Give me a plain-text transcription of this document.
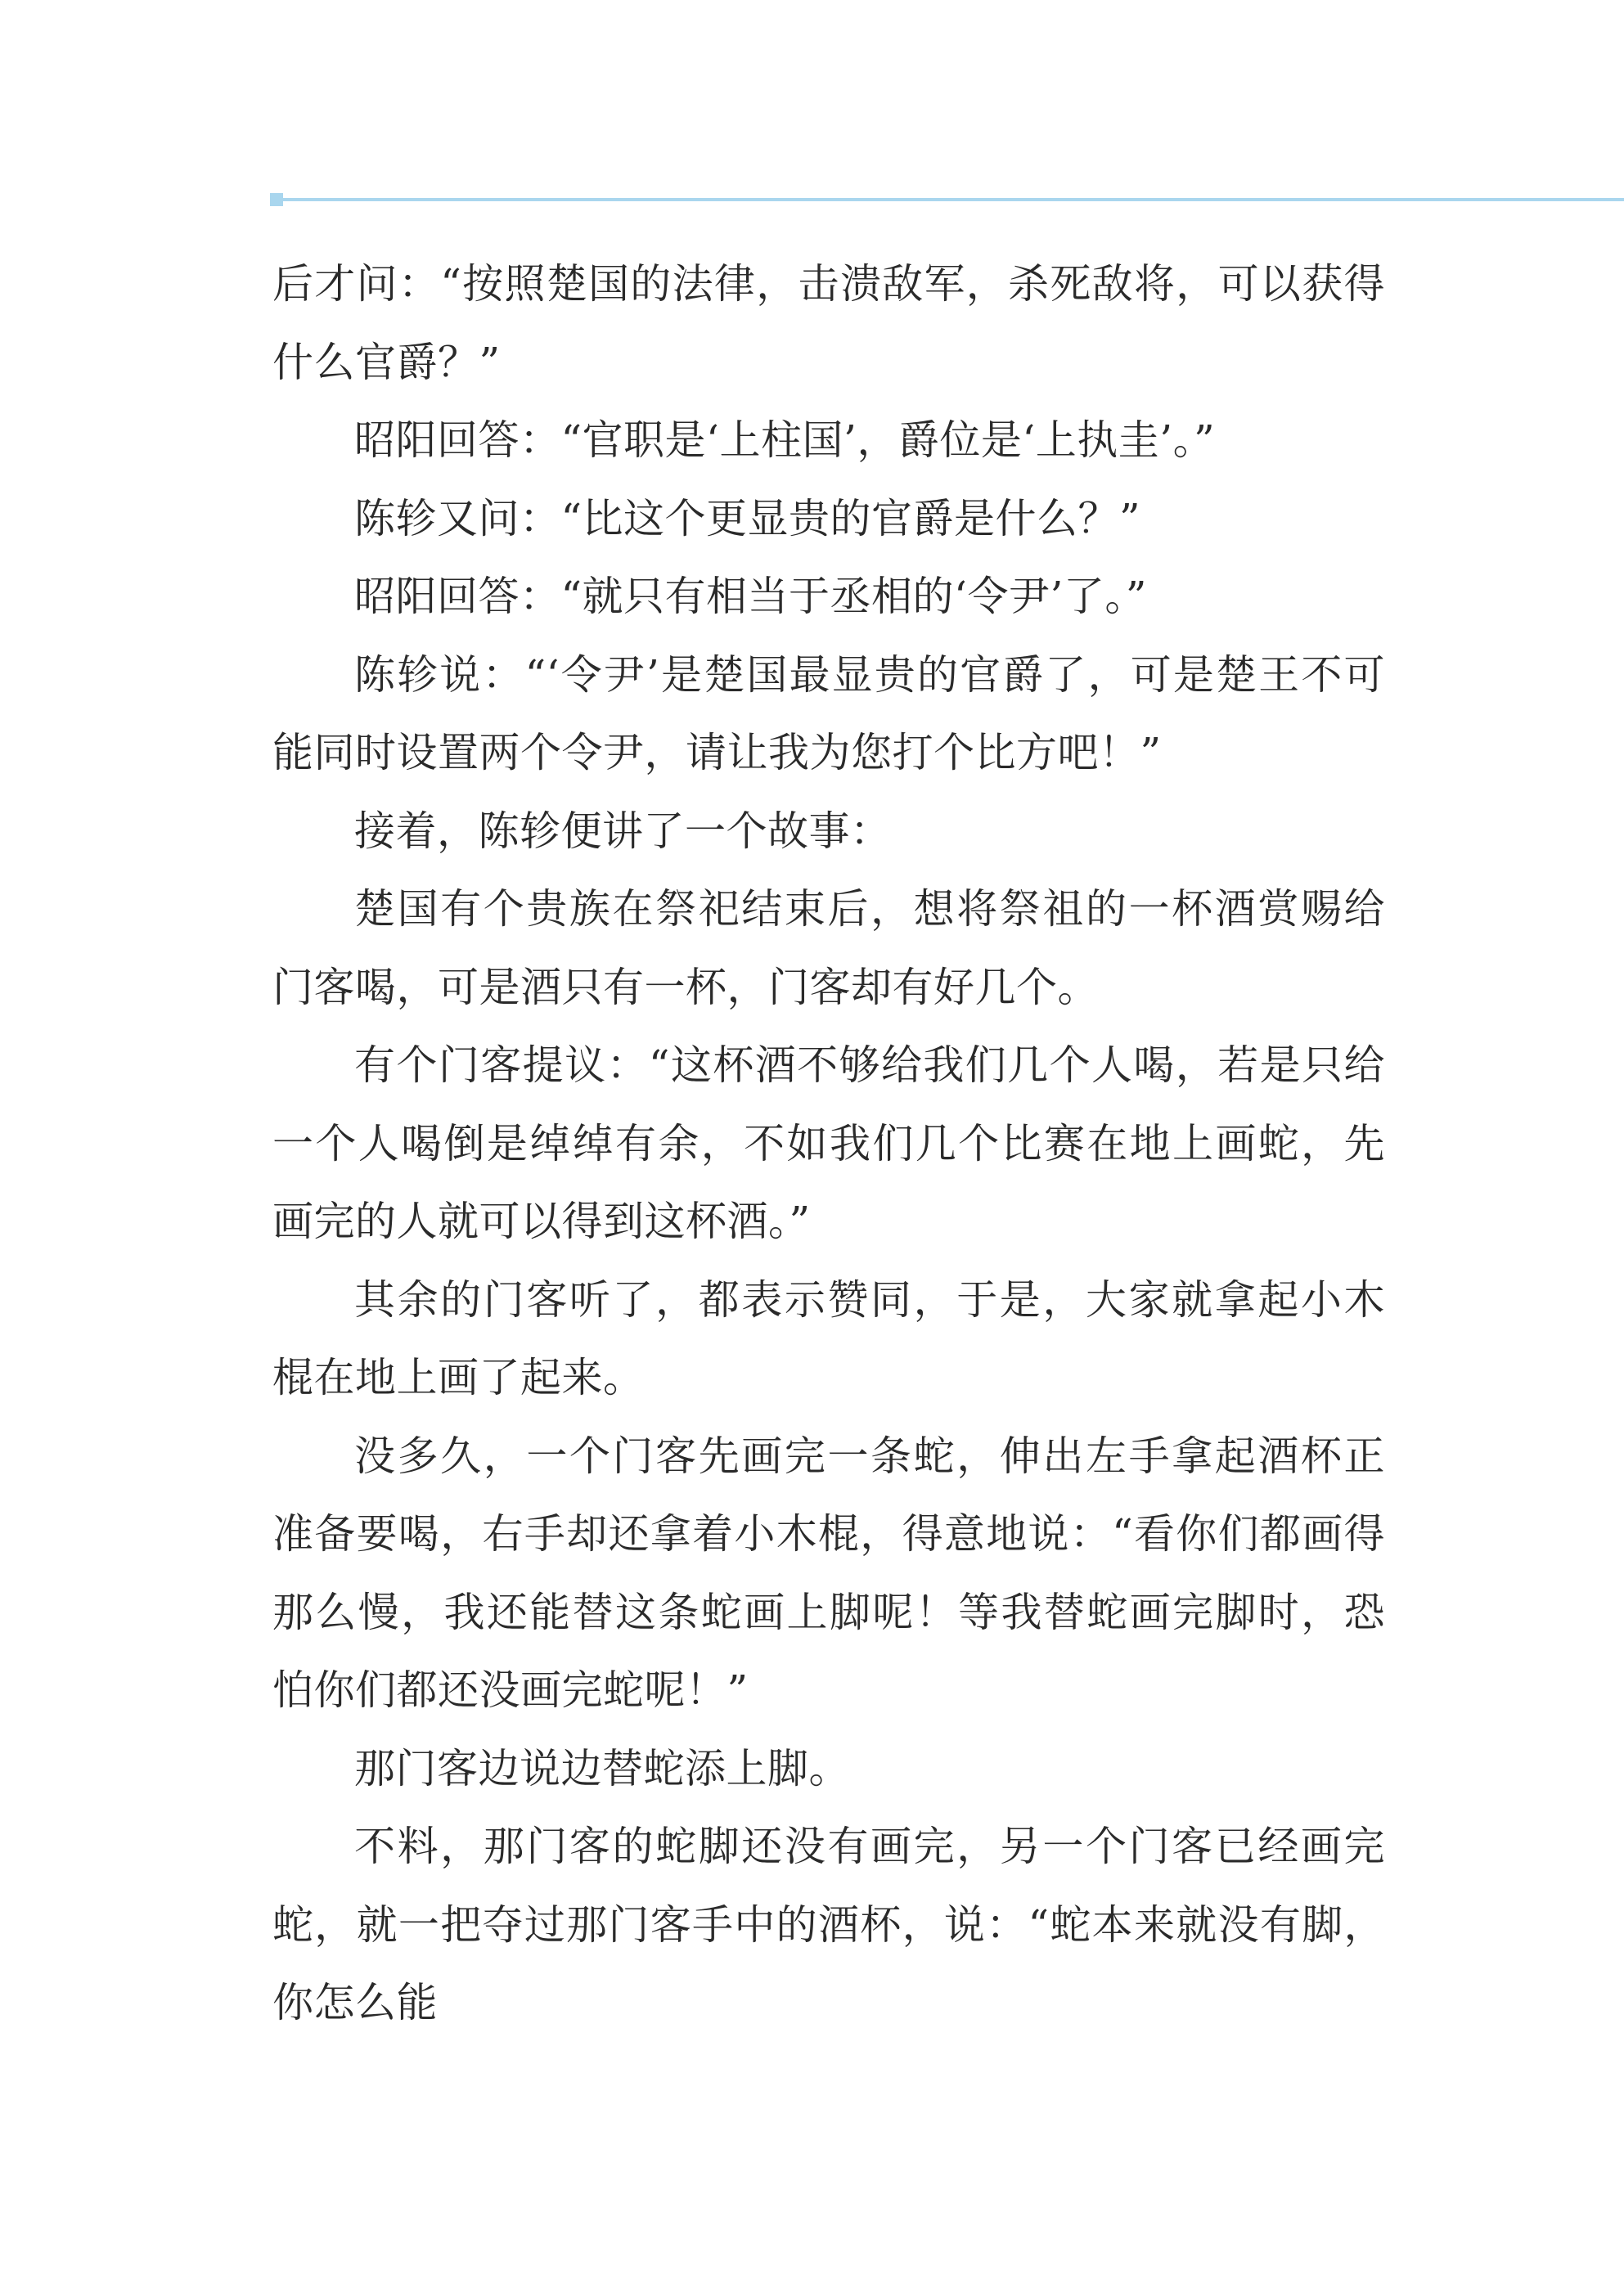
后才问：“按照楚国的法律，击溃敌军，杀死敌将，可以获得什么官爵？”

昭阳回答：“官职是‘上柱国’，爵位是‘上执圭’。”

陈轸又问：“比这个更显贵的官爵是什么？”

昭阳回答：“就只有相当于丞相的‘令尹’了。”

陈轸说：“‘令尹’是楚国最显贵的官爵了，可是楚王不可能同时设置两个令尹，请让我为您打个比方吧！”

接着，陈轸便讲了一个故事：

楚国有个贵族在祭祀结束后，想将祭祖的一杯酒赏赐给门客喝，可是酒只有一杯，门客却有好几个。

有个门客提议：“这杯酒不够给我们几个人喝，若是只给一个人喝倒是绰绰有余，不如我们几个比赛在地上画蛇，先画完的人就可以得到这杯酒。”

其余的门客听了，都表示赞同，于是，大家就拿起小木棍在地上画了起来。

没多久，一个门客先画完一条蛇，伸出左手拿起酒杯正准备要喝，右手却还拿着小木棍，得意地说：“看你们都画得那么慢，我还能替这条蛇画上脚呢！等我替蛇画完脚时，恐怕你们都还没画完蛇呢！”

那门客边说边替蛇添上脚。

不料，那门客的蛇脚还没有画完，另一个门客已经画完蛇，就一把夺过那门客手中的酒杯，说：“蛇本来就没有脚，你怎么能
